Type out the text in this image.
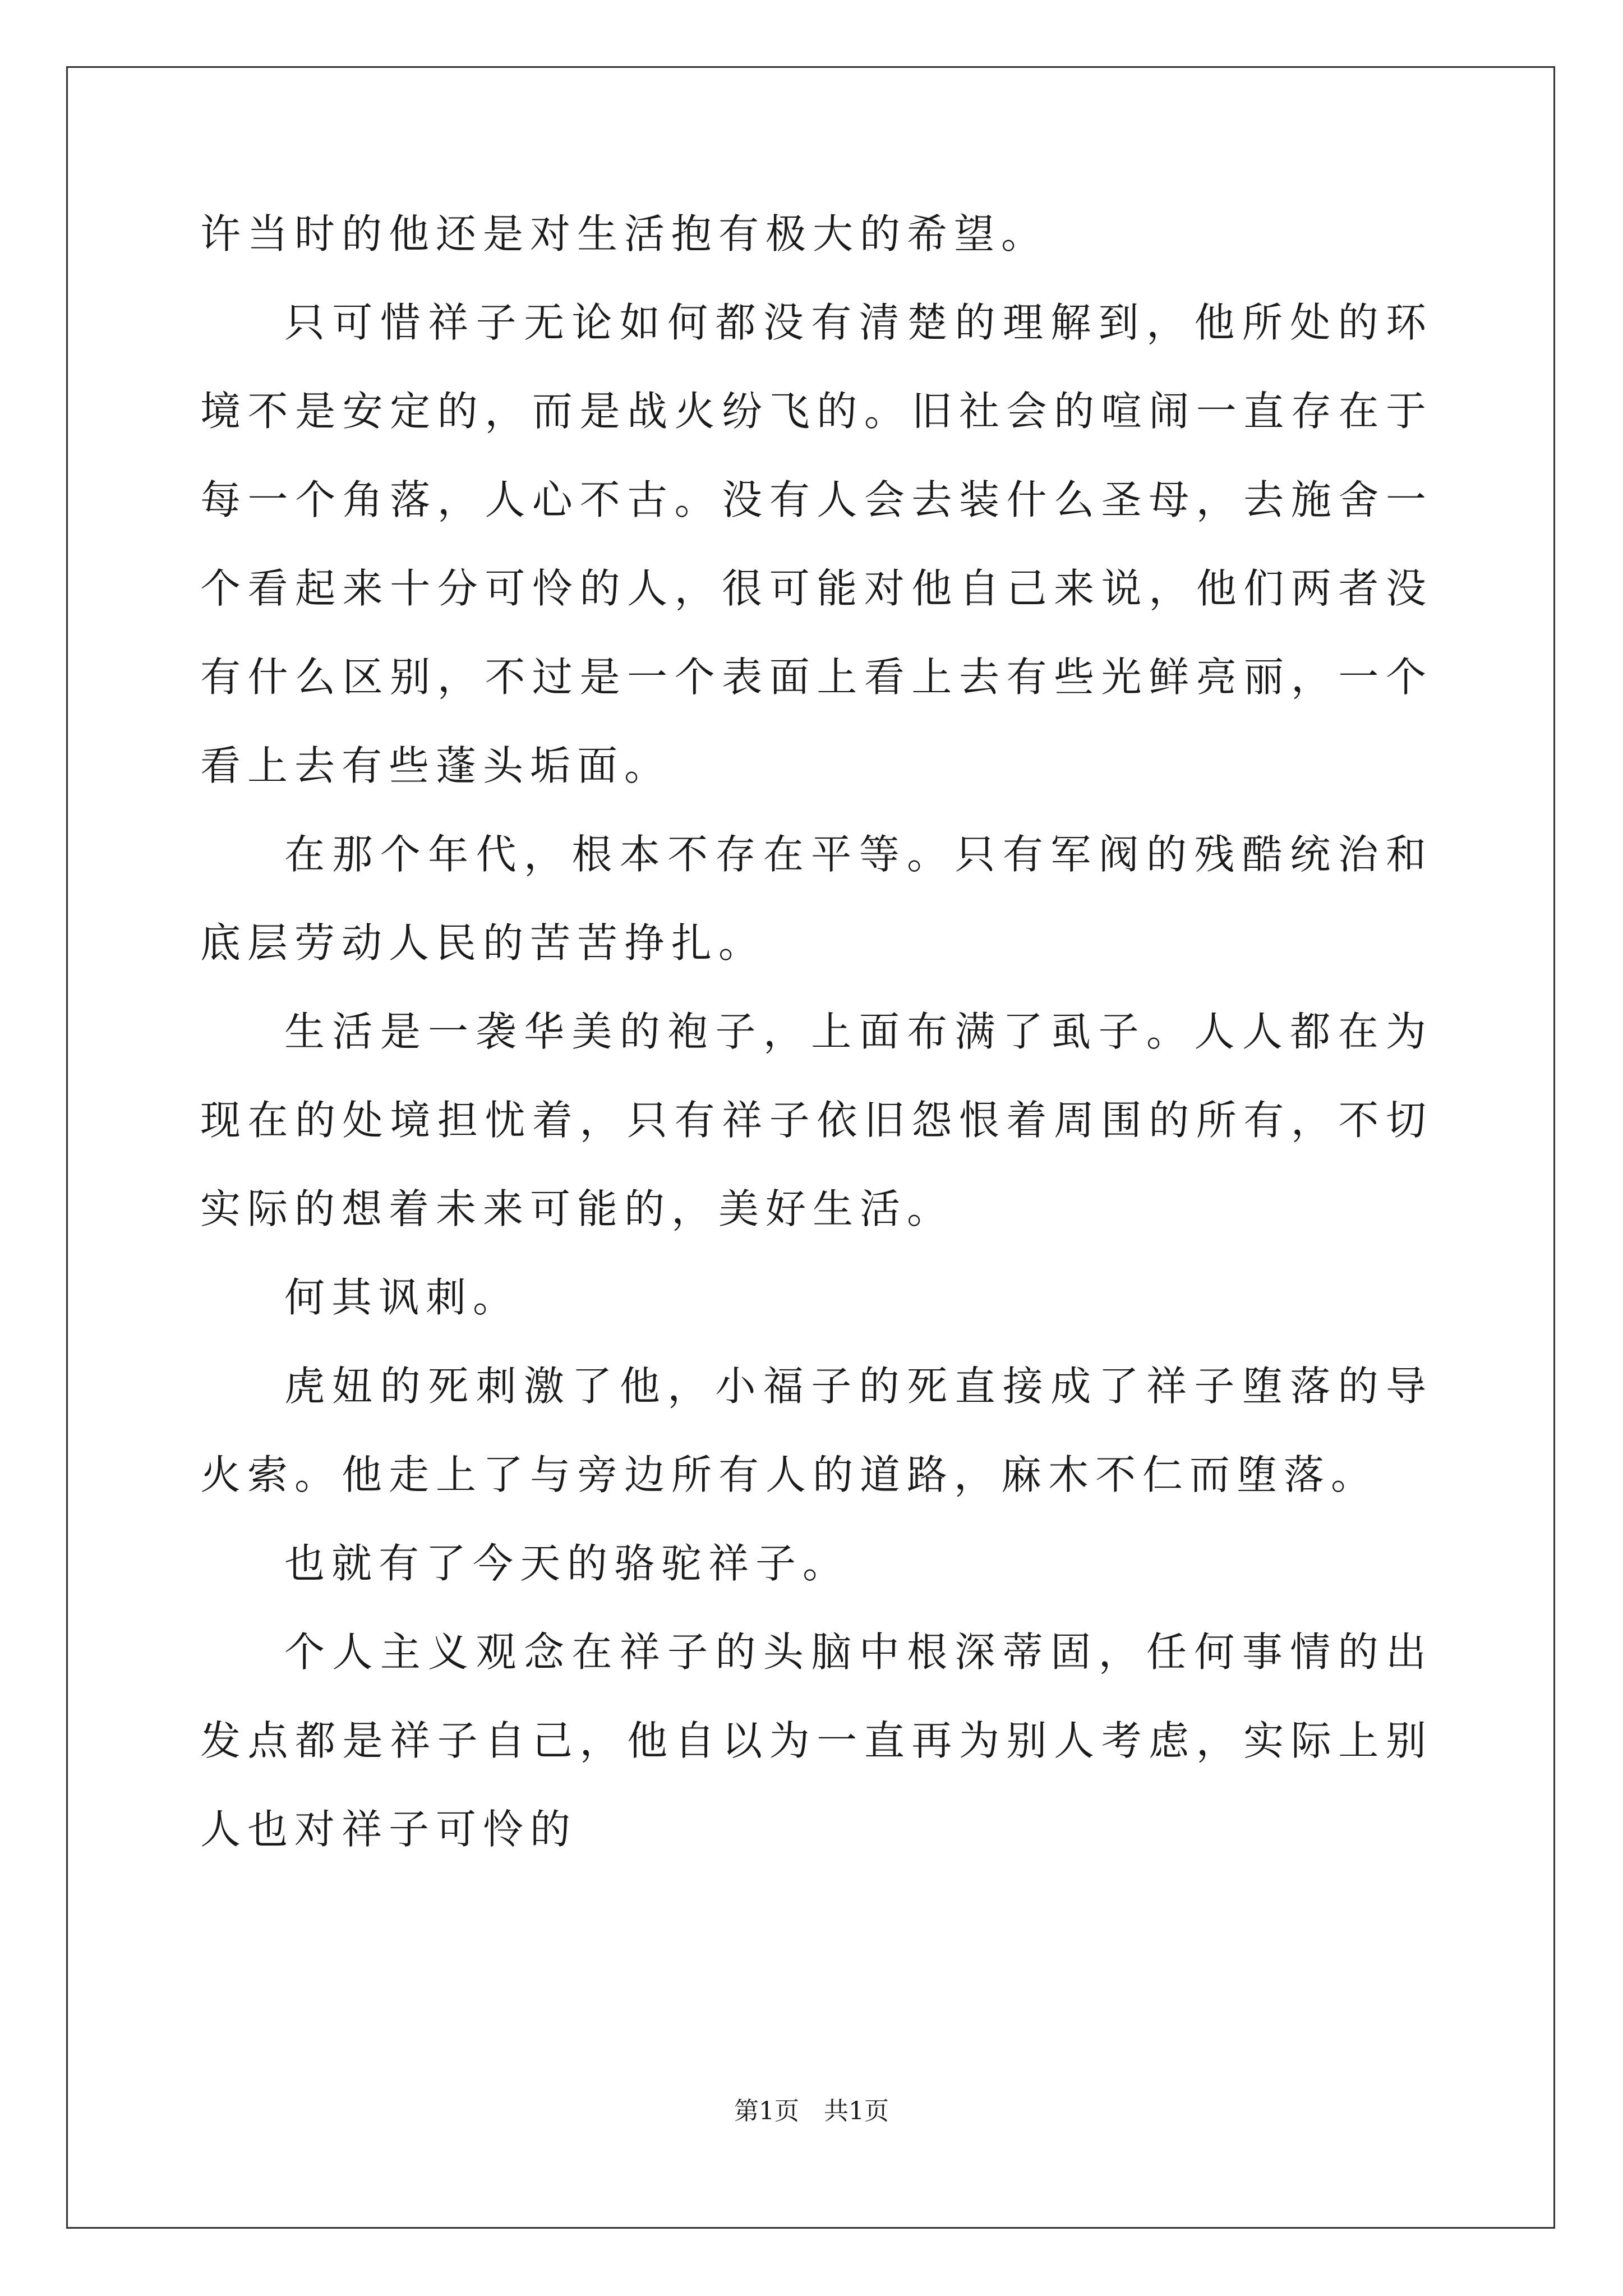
许当时的他还是对生活抱有极大的希望。

只可惜祥子无论如何都没有清楚的理解到，他所处的环境不是安定的，而是战火纷飞的。旧社会的喧闹一直存在于每一个角落，人心不古。没有人会去装什么圣母，去施舍一个看起来十分可怜的人，很可能对他自己来说，他们两者没有什么区别，不过是一个表面上看上去有些光鲜亮丽，一个看上去有些蓬头垢面。

在那个年代，根本不存在平等。只有军阀的残酷统治和底层劳动人民的苦苦挣扎。

生活是一袭华美的袍子，上面布满了虱子。人人都在为现在的处境担忧着，只有祥子依旧怨恨着周围的所有，不切实际的想着未来可能的，美好生活。

何其讽刺。

虎妞的死刺激了他，小福子的死直接成了祥子堕落的导火索。他走上了与旁边所有人的道路，麻木不仁而堕落。

也就有了今天的骆驼祥子。

个人主义观念在祥子的头脑中根深蒂固，任何事情的出发点都是祥子自己，他自以为一直再为别人考虑，实际上别人也对祥子可怜的

第1页　共1页
